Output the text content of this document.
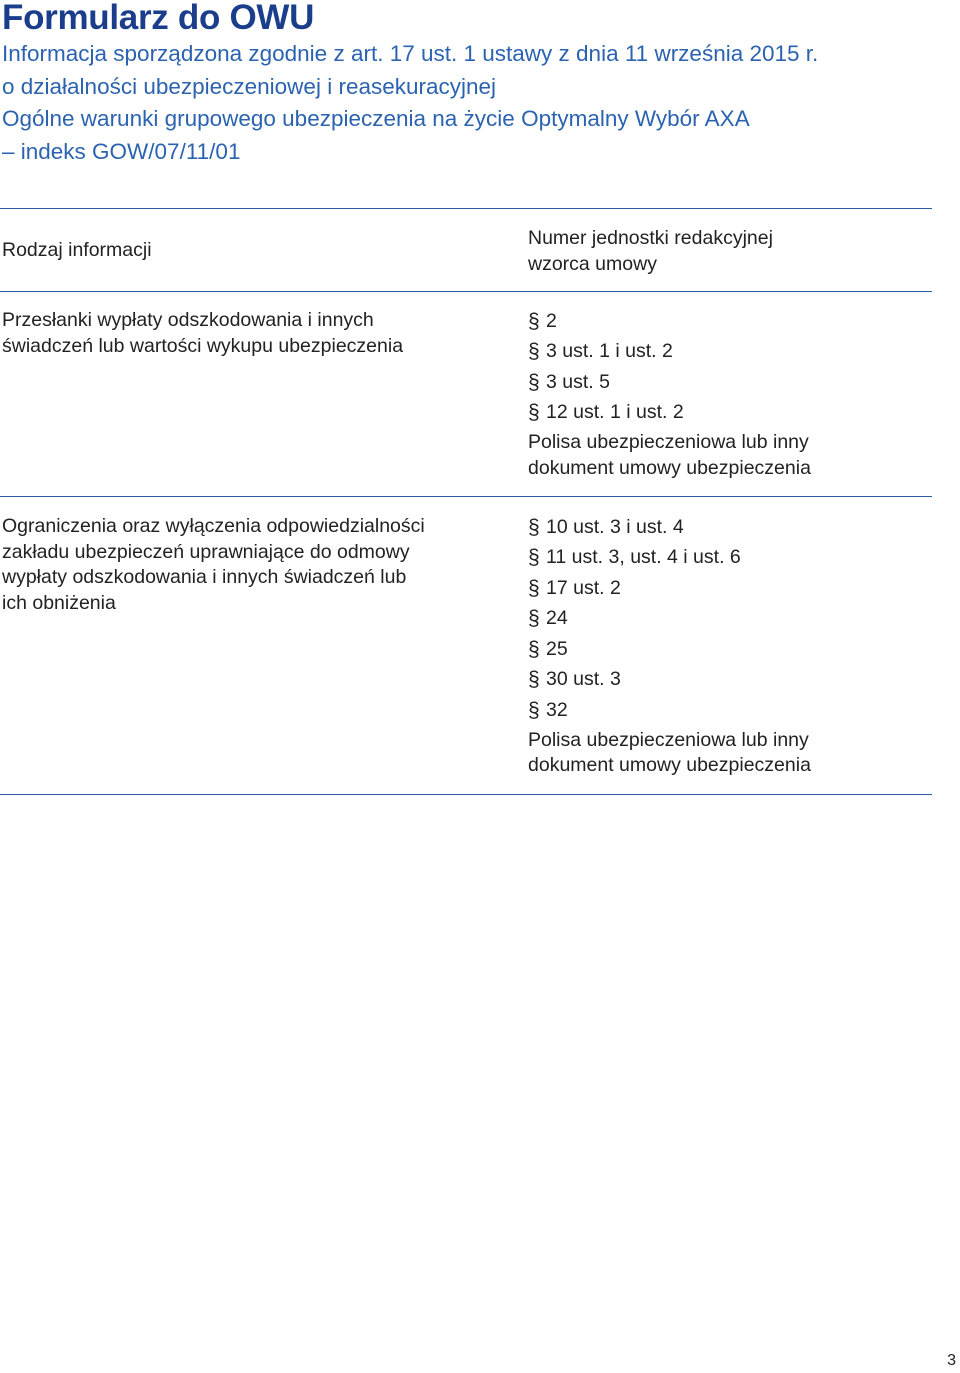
Formularz do OWU
Informacja sporządzona zgodnie z art. 17 ust. 1 ustawy z dnia 11 września 2015 r.
o działalności ubezpieczeniowej i reasekuracyjnej
Ogólne warunki grupowego ubezpieczenia na życie Optymalny Wybór AXA
– indeks GOW/07/11/01
Rodzaj informacji
Numer jednostki redakcyjnej
wzorca umowy
Przesłanki wypłaty odszkodowania i innych
świadczeń lub wartości wykupu ubezpieczenia
§ 2
§ 3 ust. 1 i ust. 2
§ 3 ust. 5
§ 12 ust. 1 i ust. 2
Polisa ubezpieczeniowa lub inny
dokument umowy ubezpieczenia
Ograniczenia oraz wyłączenia odpowiedzialności
zakładu ubezpieczeń uprawniające do odmowy
wypłaty odszkodowania i innych świadczeń lub
ich obniżenia
§ 10 ust. 3 i ust. 4
§ 11 ust. 3, ust. 4 i ust. 6
§ 17 ust. 2
§ 24
§ 25
§ 30 ust. 3
§ 32
Polisa ubezpieczeniowa lub inny
dokument umowy ubezpieczenia
3
